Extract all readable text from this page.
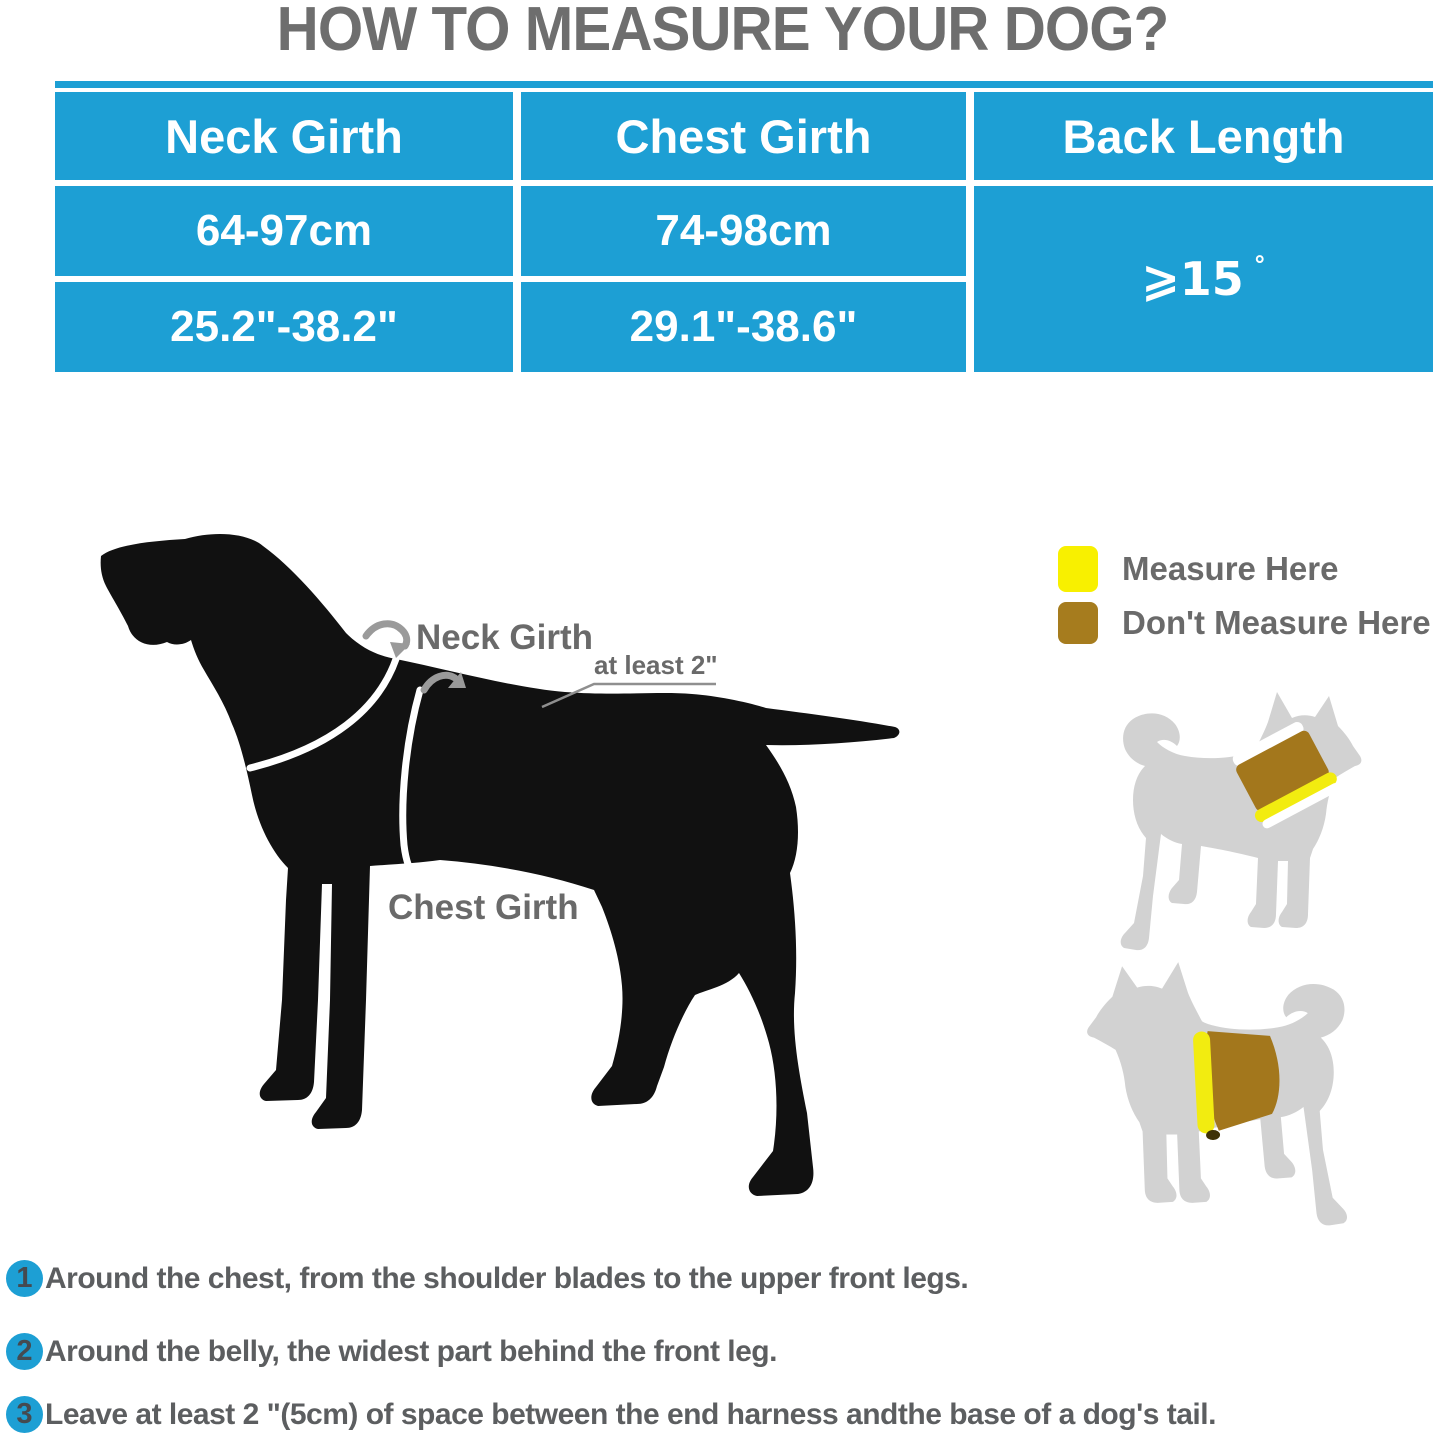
HOW TO MEASURE YOUR DOG?
Neck Girth	Chest Girth	Back Length
64-97cm	74-98cm
⩾15 °
25.2"-38.2"	29.1"-38.6"
Neck Girth
at least 2"
Chest Girth
Measure Here
Don't Measure Here
1 Around the chest, from the shoulder blades to the upper front legs.
2 Around the belly, the widest part behind the front leg.
3 Leave at least 2 "(5cm) of space between the end harness andthe base of a dog's tail.
